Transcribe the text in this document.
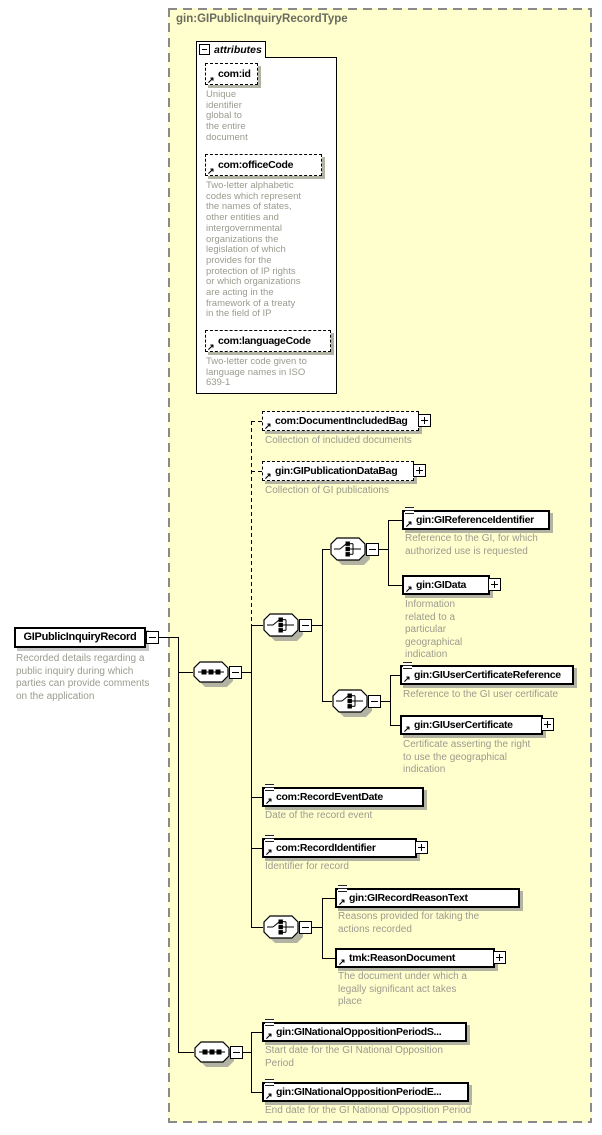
gin:GIPublicInquiryRecordType
GIPublicInquiryRecord
Recorded details regarding a
public inquiry during which
parties can provide comments
on the application
attributes
↗
com:id
Unique
identifier
global to
the entire
document
↗
com:officeCode
Two-letter alphabetic
codes which represent
the names of states,
other entities and
intergovernmental
organizations the
legislation of which
provides for the
protection of IP rights
or which organizations
are acting in the
framework of a treaty
in the field of IP
↗
com:languageCode
Two-letter code given to
language names in ISO
639-1
↗ com:DocumentIncludedBag
Collection of included documents
↗ gin:GIPublicationDataBag
Collection of GI publications
↗ gin:GIReferenceIdentifier
Reference to the GI, for which
authorized use is requested
↗ gin:GIData
Information
related to a
particular
geographical
indication
↗ gin:GIUserCertificateReference
Reference to the GI user certificate
↗ gin:GIUserCertificate
Certificate asserting the right
to use the geographical
indication
↗ com:RecordEventDate
Date of the record event
↗ com:RecordIdentifier
Identifier for record
↗ gin:GIRecordReasonText
Reasons provided for taking the
actions recorded
↗ tmk:ReasonDocument
The document under which a
legally significant act takes
place
↗ gin:GINationalOppositionPeriodS...
Start date for the GI National Opposition
Period
↗ gin:GINationalOppositionPeriodE...
End date for the GI National Opposition Period
